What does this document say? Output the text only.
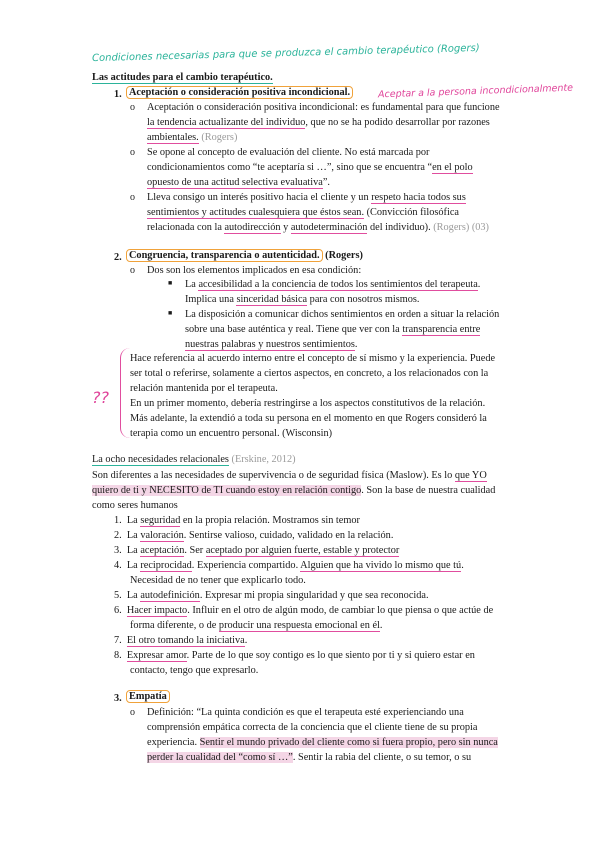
Condiciones necesarias para que se produzca el cambio terapéutico (Rogers)
Aceptar a la persona incondicionalmente
??
Las actitudes para el cambio terapéutico.
1. Aceptación o consideración positiva incondicional.
o Aceptación o consideración positiva incondicional: es fundamental para que funcione
la tendencia actualizante del individuo, que no se ha podido desarrollar por razones
ambientales. (Rogers)
o Se opone al concepto de evaluación del cliente. No está marcada por
condicionamientos como “te aceptaría si …”, sino que se encuentra “en el polo
opuesto de una actitud selectiva evaluativa”.
o Lleva consigo un interés positivo hacia el cliente y un respeto hacia todos sus
sentimientos y actitudes cualesquiera que éstos sean. (Convicción filosófica
relacionada con la autodirección y autodeterminación del individuo). (Rogers) (03)
2. Congruencia, transparencia o autenticidad. (Rogers)
o Dos son los elementos implicados en esa condición:
■ La accesibilidad a la conciencia de todos los sentimientos del terapeuta.
Implica una sinceridad básica para con nosotros mismos.
■ La disposición a comunicar dichos sentimientos en orden a situar la relación
sobre una base auténtica y real. Tiene que ver con la transparencia entre
nuestras palabras y nuestros sentimientos.
Hace referencia al acuerdo interno entre el concepto de sí mismo y la experiencia. Puede
ser total o referirse, solamente a ciertos aspectos, en concreto, a los relacionados con la
relación mantenida por el terapeuta.
En un primer momento, debería restringirse a los aspectos constitutivos de la relación.
Más adelante, la extendió a toda su persona en el momento en que Rogers consideró la
terapia como un encuentro personal. (Wisconsin)
La ocho necesidades relacionales (Erskine, 2012)
Son diferentes a las necesidades de supervivencia o de seguridad física (Maslow). Es lo que YO
quiero de ti y NECESITO de TI cuando estoy en relación contigo. Son la base de nuestra cualidad
como seres humanos
1. La seguridad en la propia relación. Mostramos sin temor
2. La valoración. Sentirse valioso, cuidado, validado en la relación.
3. La aceptación. Ser aceptado por alguien fuerte, estable y protector
4. La reciprocidad. Experiencia compartido. Alguien que ha vivido lo mismo que tú.
Necesidad de no tener que explicarlo todo.
5. La autodefinición. Expresar mi propia singularidad y que sea reconocida.
6. Hacer impacto. Influir en el otro de algún modo, de cambiar lo que piensa o que actúe de
forma diferente, o de producir una respuesta emocional en él.
7. El otro tomando la iniciativa.
8. Expresar amor. Parte de lo que soy contigo es lo que siento por ti y si quiero estar en
contacto, tengo que expresarlo.
3. Empatía
o Definición: “La quinta condición es que el terapeuta esté experienciando una
comprensión empática correcta de la conciencia que el cliente tiene de su propia
experiencia. Sentir el mundo privado del cliente como si fuera propio, pero sin nunca
perder la cualidad del “como sí …”. Sentir la rabia del cliente, o su temor, o su
